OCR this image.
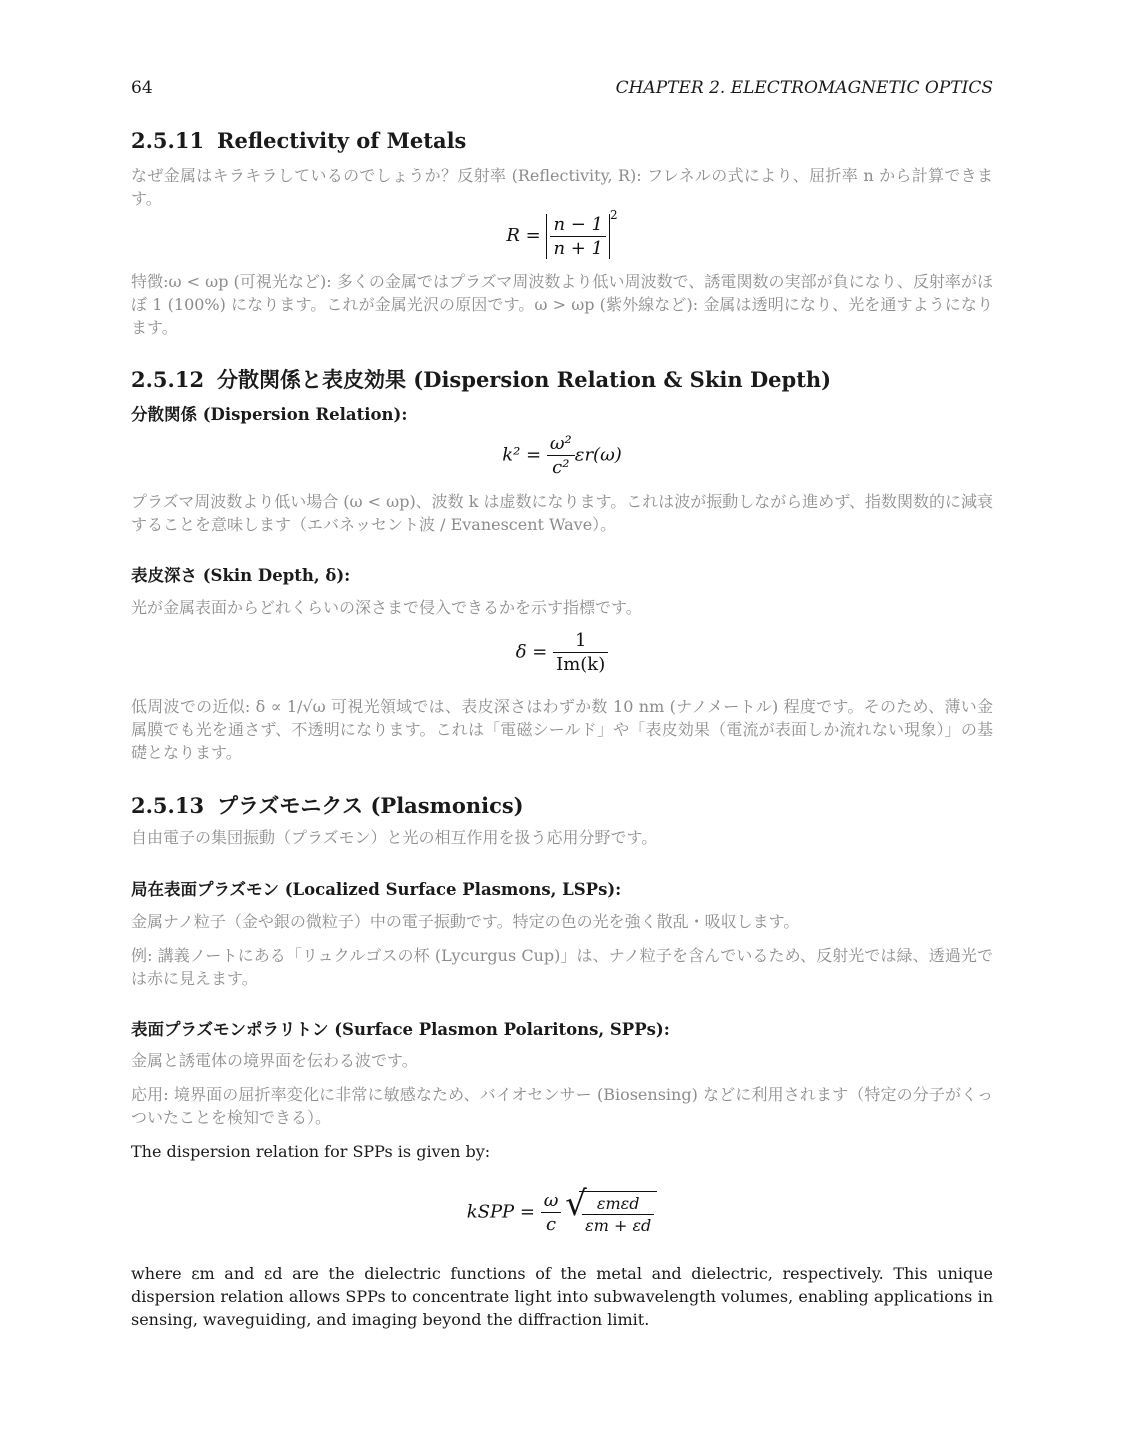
64	CHAPTER 2. ELECTROMAGNETIC OPTICS
2.5.11 Reflectivity of Metals
なぜ金属はキラキラしているのでしょうか？反射率 (Reflectivity, R): フレネルの式により、屈折率 n から計算できます。
$R = \frac{n - 1}{n + 1} ^2$
特徴:ω < ωp (可視光など): 多くの金属ではプラズマ周波数より低い周波数で、誘電関数の実部が負になり、反射率がほぼ 1 (100%) になります。これが金属光沢の原因です。ω > ωp (紫外線など): 金属は透明になり、光を通すようになります。
2.5.12 分散関係と表皮効果 (Dispersion Relation & Skin Depth)
分散関係 (Dispersion Relation):
$k^2 = \frac{\text{ω²}}{\text{c²}} \varepsilon r(\omega)$
プラズマ周波数より低い場合 (ω < ωp)、波数 k は虚数になります。これは波が振動しながら進めず、指数関数的に減衰することを意味します（エバネッセント波 / Evanescent Wave）。
表皮深さ (Skin Depth, δ):
光が金属表面からどれくらいの深さまで侵入できるかを示す指標です。
$\delta = \frac{1}{Im(k)}$
低周波での近似: δ ∝ 1/√ω 可視光領域では、表皮深さはわずか数 10 nm (ナノメートル) 程度です。そのため、薄い金属膜でも光を通さず、不透明になります。これは「電磁シールド」や「表皮効果（電流が表面しか流れない現象）」の基礎となります。
2.5.13 プラズモニクス (Plasmonics)
自由電子の集団振動（プラズモン）と光の相互作用を扱う応用分野です。
局在表面プラズモン (Localized Surface Plasmons, LSPs):
金属ナノ粒子（金や銀の微粒子）中の電子振動です。特定の色の光を強く散乱・吸収します。
例: 講義ノートにある「リュクルゴスの杯 (Lycurgus Cup)」は、ナノ粒子を含んでいるため、反射光では緑、透過光では赤に見えます。
表面プラズモンポラリトン (Surface Plasmon Polaritons, SPPs):
金属と誘電体の境界面を伝わる波です。
応用: 境界面の屈折率変化に非常に敏感なため、バイオセンサー (Biosensing) などに利用されます（特定の分子がくっついたことを検知できる）。
The dispersion relation for SPPs is given by:
kSPP = $\frac{\omega}{c}$

√ $\frac{\text{εmεd}}{\varepsilon m + \varepsilon d}$
where εm and εd are the dielectric functions of the metal and dielectric, respectively. This unique dispersion relation allows SPPs to concentrate light into subwavelength volumes, enabling applications in sensing, waveguiding, and imaging beyond the diffraction limit.
